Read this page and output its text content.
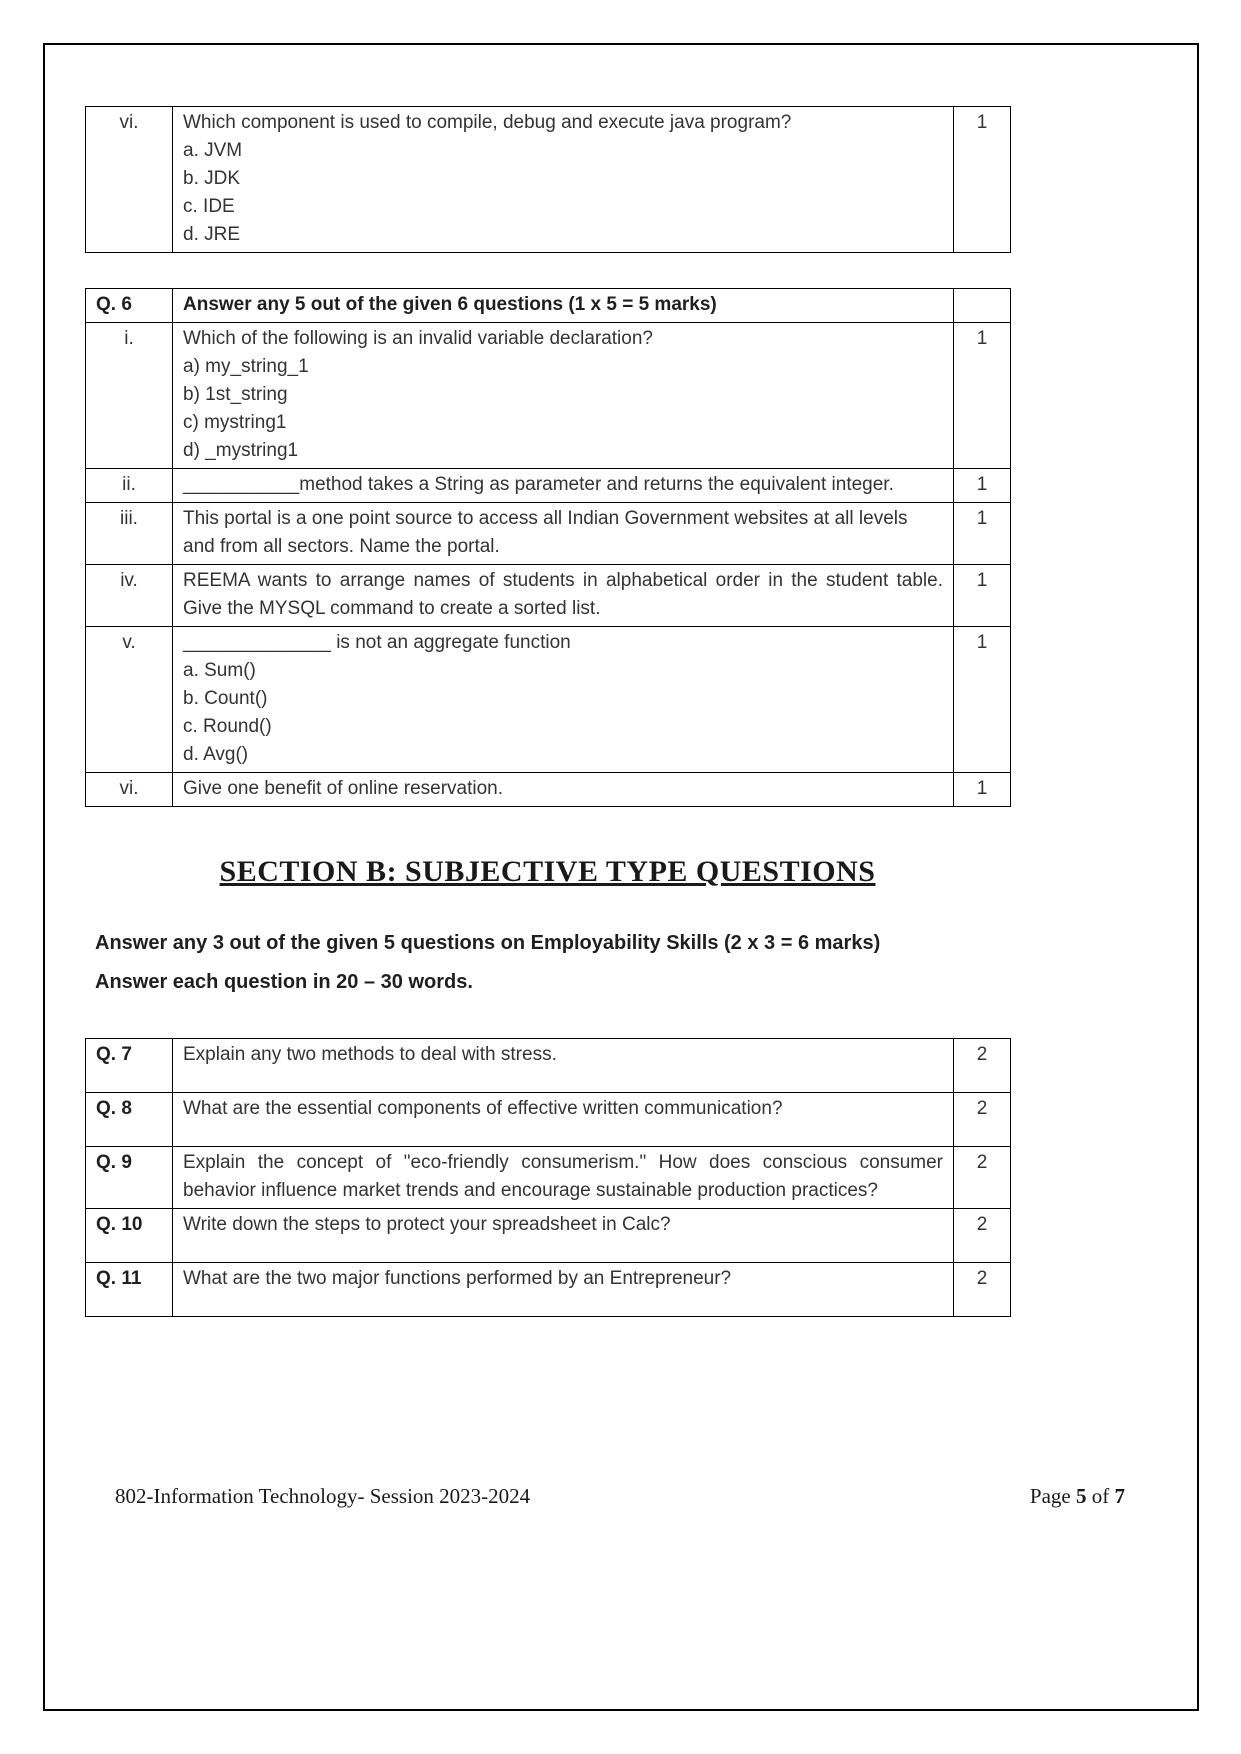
vi.	Which component is used to compile, debug and execute java program?
a. JVM
b. JDK
c. IDE
d. JRE
	1
Q. 6	Answer any 5 out of the given 6 questions (1 x 5 = 5 marks)	
i.	Which of the following is an invalid variable declaration?
a) my_string_1
b) 1st_string
c) mystring1
d) _mystring1	1
ii.	___________method takes a String as parameter and returns the equivalent integer.	1
iii.	This portal is a one point source to access all Indian Government websites at all levels and from all sectors. Name the portal.	1
iv.	REEMA wants to arrange names of students in alphabetical order in the student table. Give the MYSQL command to create a sorted list.	1
v.	______________ is not an aggregate function
a. Sum()
b. Count()
c. Round()
d. Avg()	1
vi.	Give one benefit of online reservation.	1
SECTION B: SUBJECTIVE TYPE QUESTIONS
Answer any 3 out of the given 5 questions on Employability Skills (2 x 3 = 6 marks)
Answer each question in 20 – 30 words.
Q. 7	Explain any two methods to deal with stress.	2
Q. 8	What are the essential components of effective written communication?	2
Q. 9	Explain the concept of "eco-friendly consumerism." How does conscious consumer behavior influence market trends and encourage sustainable production practices?	2
Q. 10	Write down the steps to protect your spreadsheet in Calc?	2
Q. 11	What are the two major functions performed by an Entrepreneur?	2
802-Information Technology- Session 2023-2024	Page 5 of 7
